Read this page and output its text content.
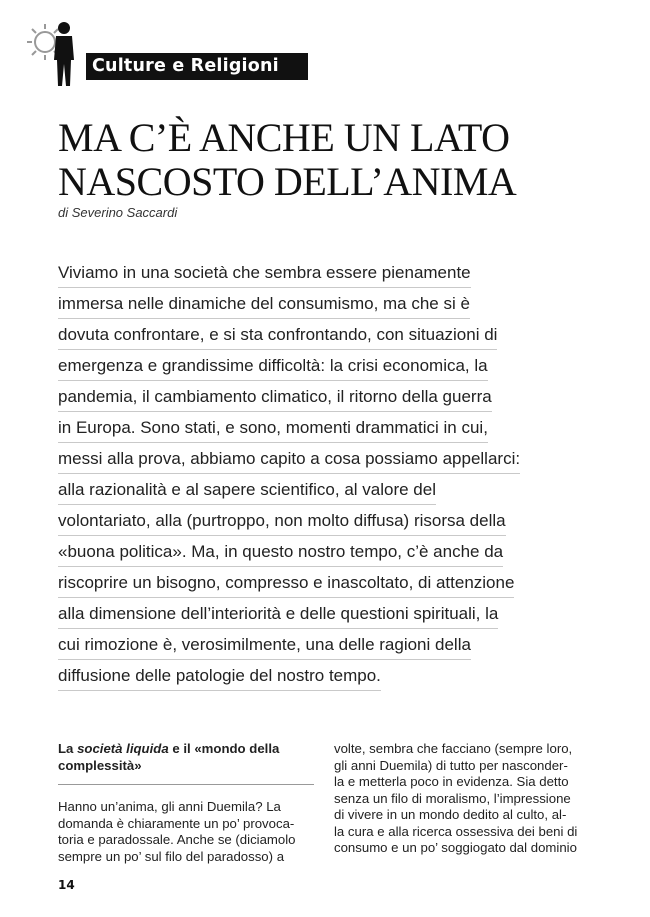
Culture e Religioni
MA C’È ANCHE UN LATO
NASCOSTO DELL’ANIMA
di Severino Saccardi
Viviamo in una società che sembra essere pienamente
immersa nelle dinamiche del consumismo, ma che si è
dovuta confrontare, e si sta confrontando, con situazioni di
emergenza e grandissime difficoltà: la crisi economica, la
pandemia, il cambiamento climatico, il ritorno della guerra
in Europa. Sono stati, e sono, momenti drammatici in cui,
messi alla prova, abbiamo capito a cosa possiamo appellarci:
alla razionalità e al sapere scientifico, al valore del
volontariato, alla (purtroppo, non molto diffusa) risorsa della
«buona politica». Ma, in questo nostro tempo, c’è anche da
riscoprire un bisogno, compresso e inascoltato, di attenzione
alla dimensione dell’interiorità e delle questioni spirituali, la
cui rimozione è, verosimilmente, una delle ragioni della
diffusione delle patologie del nostro tempo.
La società liquida e il «mondo della
complessità»
Hanno un’anima, gli anni Duemila? La
domanda è chiaramente un po’ provoca-
toria e paradossale. Anche se (diciamolo
sempre un po’ sul filo del paradosso) a
volte, sembra che facciano (sempre loro,
gli anni Duemila) di tutto per nasconder-
la e metterla poco in evidenza. Sia detto
senza un filo di moralismo, l’impressione
di vivere in un mondo dedito al culto, al-
la cura e alla ricerca ossessiva dei beni di
consumo e un po’ soggiogato dal dominio
14
